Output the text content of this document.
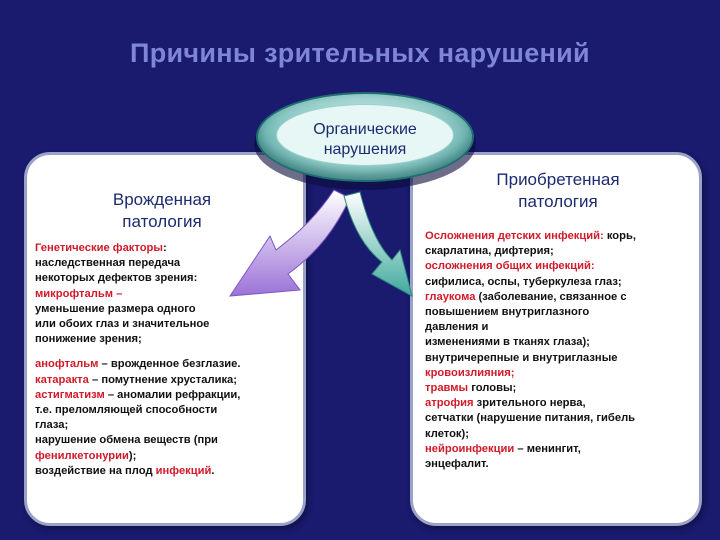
Причины зрительных нарушений
Врожденная
патология
Генетические факторы:
наследственная передача
некоторых дефектов зрения:
микрофтальм –
уменьшение размера одного
или обоих глаз и значительное
понижение зрения;
анофтальм – врожденное безглазие.
катаракта – помутнение хрусталика;
астигматизм – аномалии рефракции,
т.е. преломляющей способности
глаза;
нарушение обмена веществ (при
фенилкетонурии);
воздействие на плод инфекций.
Приобретенная
патология
Осложнения детских инфекций: корь,
скарлатина, дифтерия;
осложнения общих инфекций:
сифилиса, оспы, туберкулеза глаз;
глаукома (заболевание, связанное с
повышением внутриглазного
давления и
изменениями в тканях глаза);
внутричерепные и внутриглазные
кровоизлияния;
травмы головы;
атрофия зрительного нерва,
сетчатки (нарушение питания, гибель
клеток);
нейроинфекции – менингит,
энцефалит.
Органические
нарушения
